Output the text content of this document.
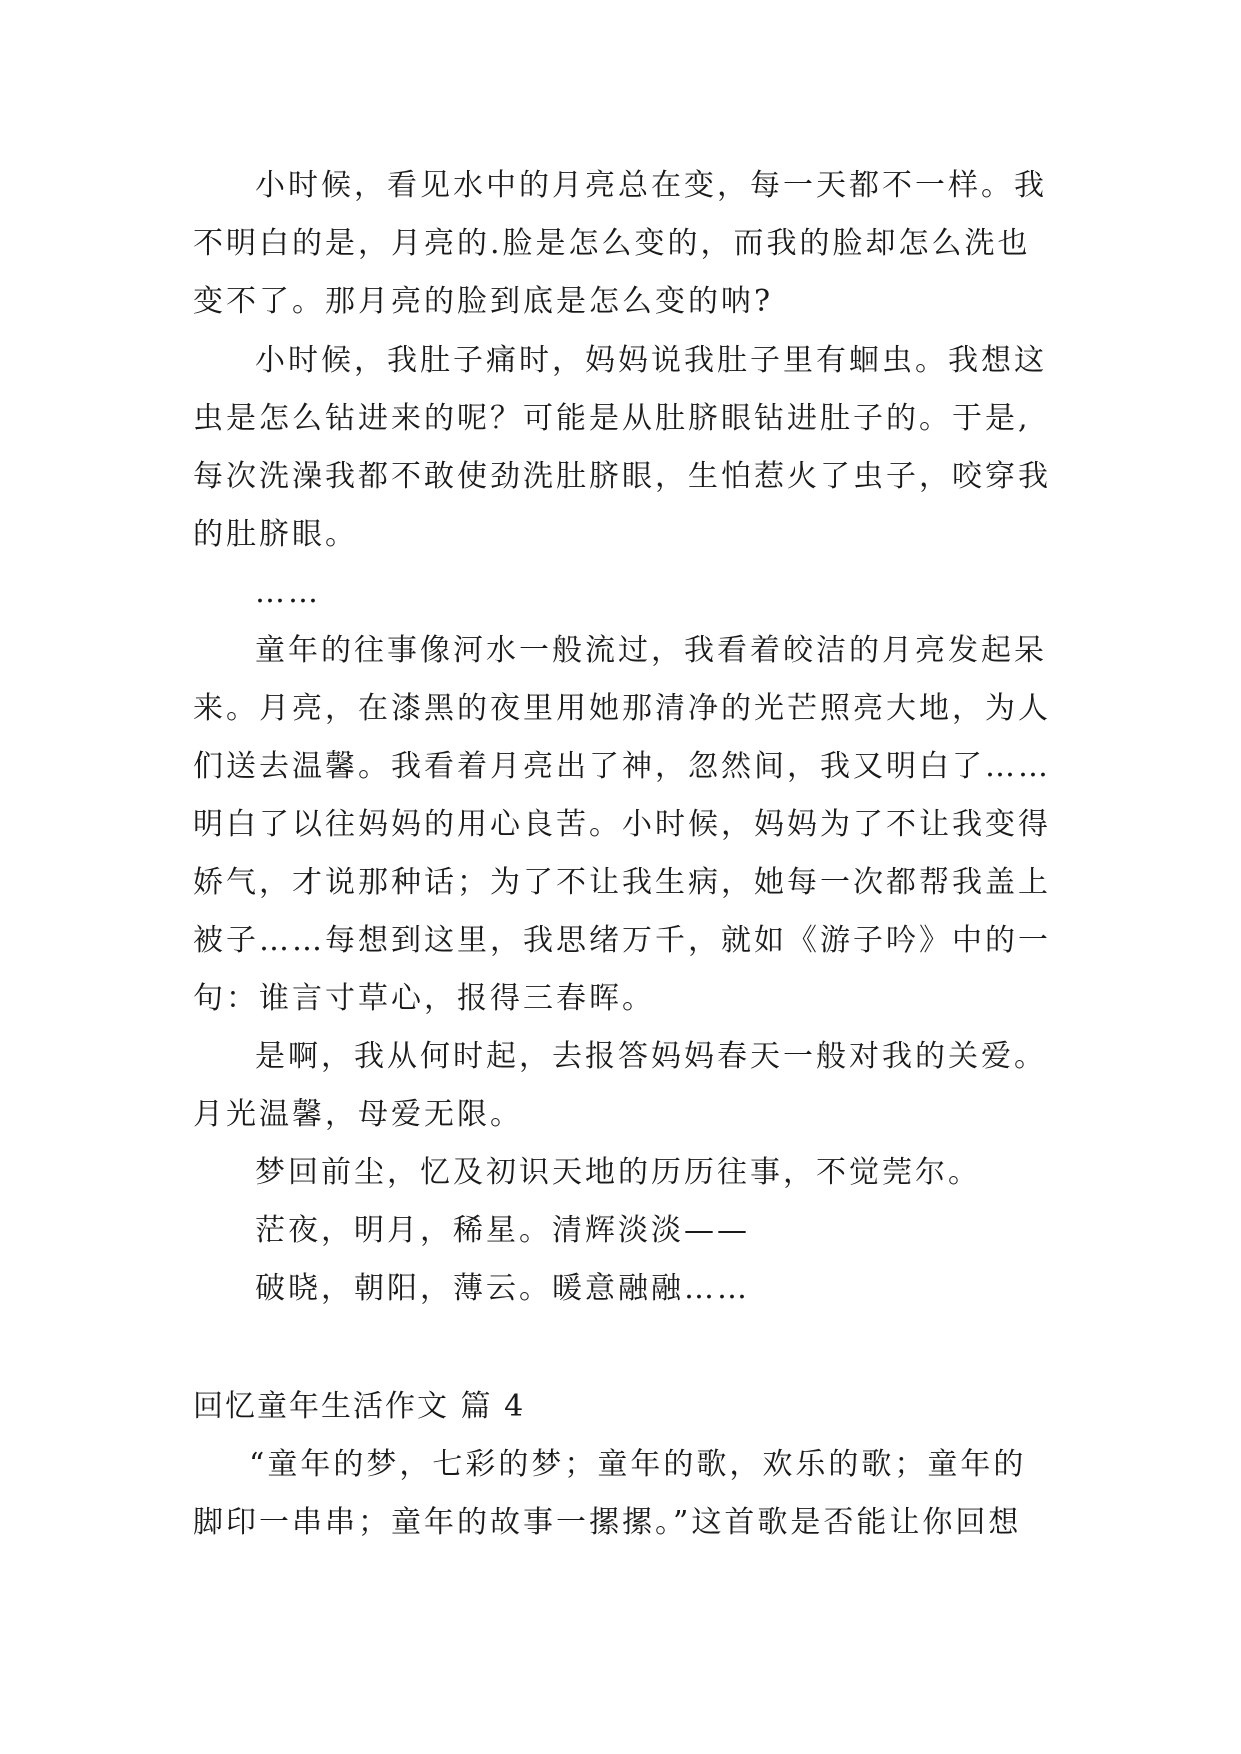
小时候，看见水中的月亮总在变，每一天都不一样。我
不明白的是，月亮的.脸是怎么变的，而我的脸却怎么洗也
变不了。那月亮的脸到底是怎么变的呐?
小时候，我肚子痛时，妈妈说我肚子里有蛔虫。我想这
虫是怎么钻进来的呢？可能是从肚脐眼钻进肚子的。于是,
每次洗澡我都不敢使劲洗肚脐眼，生怕惹火了虫子，咬穿我
的肚脐眼。
……
童年的往事像河水一般流过，我看着皎洁的月亮发起呆
来。月亮，在漆黑的夜里用她那清净的光芒照亮大地，为人
们送去温馨。我看着月亮出了神，忽然间，我又明白了……
明白了以往妈妈的用心良苦。小时候，妈妈为了不让我变得
娇气，才说那种话；为了不让我生病，她每一次都帮我盖上
被子……每想到这里，我思绪万千，就如《游子吟》中的一
句：谁言寸草心，报得三春晖。
是啊，我从何时起，去报答妈妈春天一般对我的关爱。
月光温馨，母爱无限。
梦回前尘，忆及初识天地的历历往事，不觉莞尔。
茫夜，明月，稀星。清辉淡淡——
破晓，朝阳，薄云。暖意融融……
回忆童年生活作文 篇 4
“童年的梦，七彩的梦；童年的歌，欢乐的歌；童年的
脚印一串串；童年的故事一摞摞。”这首歌是否能让你回想
